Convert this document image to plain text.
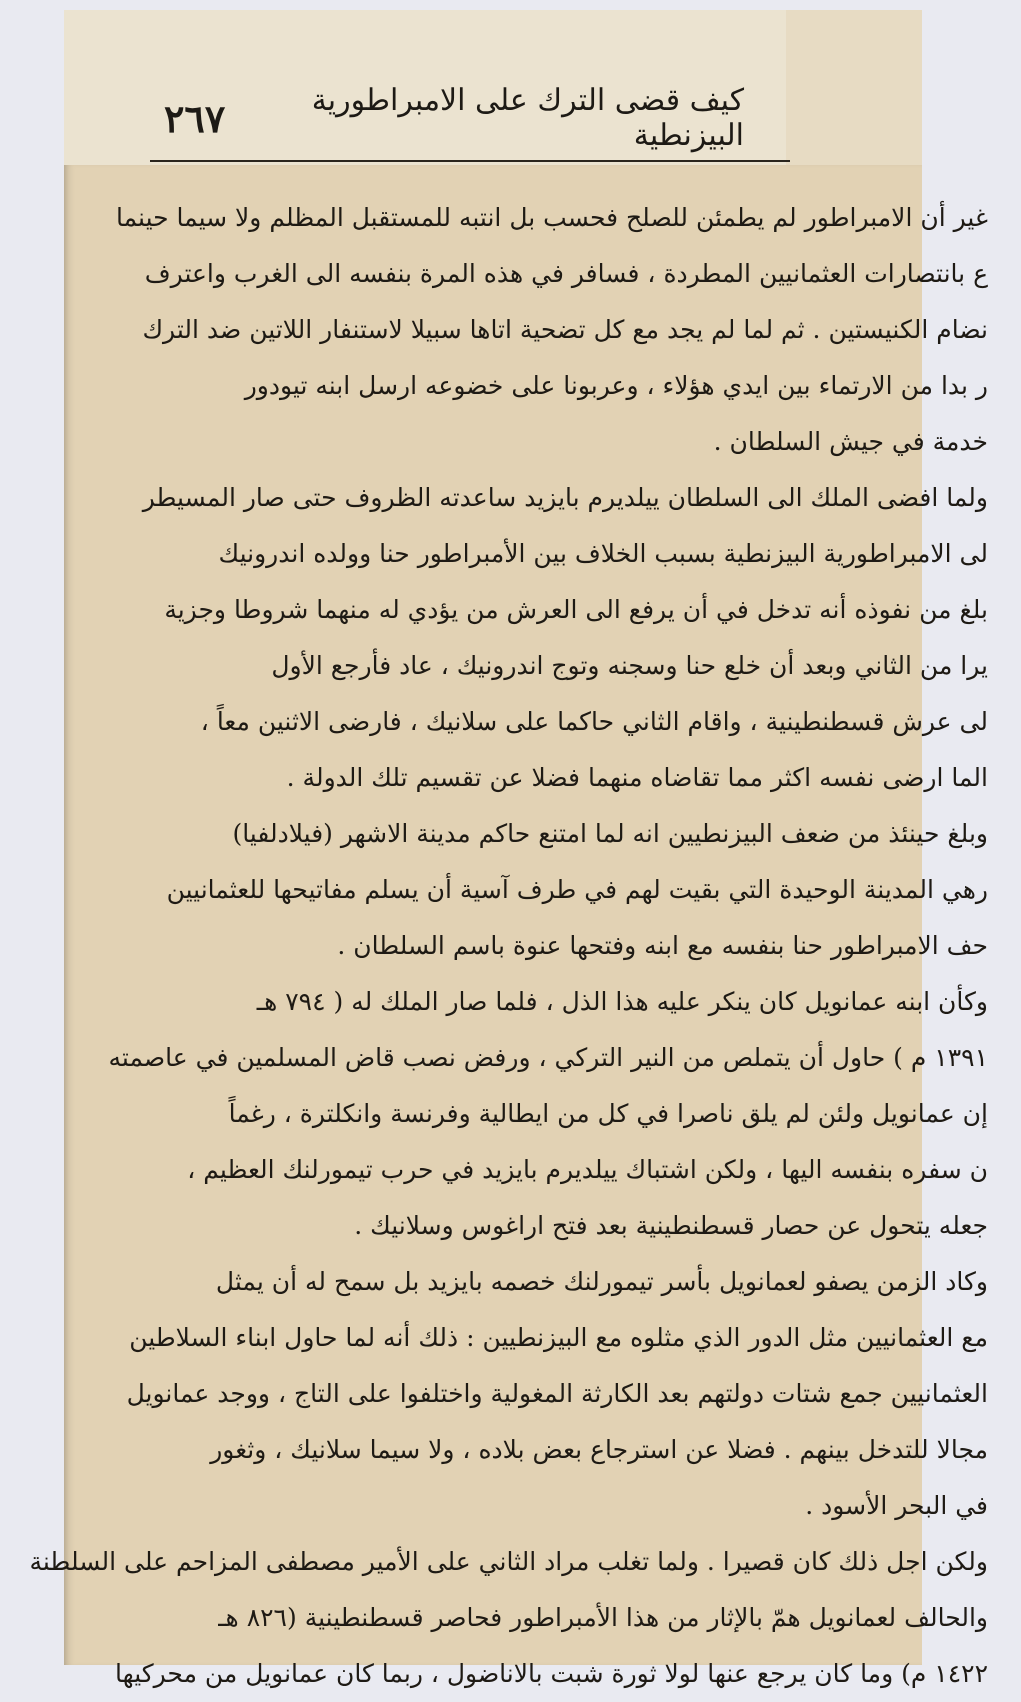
كيف قضى الترك على الامبراطورية البيزنطية
٢٦٧
غير أن الامبراطور لم يطمئن للصلح فحسب بل انتبه للمستقبل المظلم ولا سيما حينما
ع بانتصارات العثمانيين المطردة ، فسافر في هذه المرة بنفسه الى الغرب واعترف
نضام الكنيستين . ثم لما لم يجد مع كل تضحية اتاها سبيلا لاستنفار اللاتين ضد الترك
ر بدا من الارتماء بين ايدي هؤلاء ، وعربونا على خضوعه ارسل ابنه تيودور
خدمة في جيش السلطان .
ولما افضى الملك الى السلطان ييلديرم بايزيد ساعدته الظروف حتى صار المسيطر
لى الامبراطورية البيزنطية بسبب الخلاف بين الأمبراطور حنا وولده اندرونيك
بلغ من نفوذه أنه تدخل في أن يرفع الى العرش من يؤدي له منهما شروطا وجزية
يرا من الثاني وبعد أن خلع حنا وسجنه وتوج اندرونيك ، عاد فأرجع الأول
لى عرش قسطنطينية ، واقام الثاني حاكما على سلانيك ، فارضى الاثنين معاً ،
الما ارضى نفسه اكثر مما تقاضاه منهما فضلا عن تقسيم تلك الدولة .
وبلغ حينئذ من ضعف البيزنطيين انه لما امتنع حاكم مدينة الاشهر (فيلادلفيا)
رهي المدينة الوحيدة التي بقيت لهم في طرف آسية أن يسلم مفاتيحها للعثمانيين
حف الامبراطور حنا بنفسه مع ابنه وفتحها عنوة باسم السلطان .
وكأن ابنه عمانويل كان ينكر عليه هذا الذل ، فلما صار الملك له ( ٧٩٤ هـ
١٣٩١ م ) حاول أن يتملص من النير التركي ، ورفض نصب قاض المسلمين في عاصمته
إن عمانويل ولئن لم يلق ناصرا في كل من ايطالية وفرنسة وانكلترة ، رغماً
ن سفره بنفسه اليها ، ولكن اشتباك ييلديرم بايزيد في حرب تيمورلنك العظيم ،
جعله يتحول عن حصار قسطنطينية بعد فتح اراغوس وسلانيك .
وكاد الزمن يصفو لعمانويل بأسر تيمورلنك خصمه بايزيد بل سمح له أن يمثل
مع العثمانيين مثل الدور الذي مثلوه مع البيزنطيين : ذلك أنه لما حاول ابناء السلاطين
العثمانيين جمع شتات دولتهم بعد الكارثة المغولية واختلفوا على التاج ، ووجد عمانويل
مجالا للتدخل بينهم . فضلا عن استرجاع بعض بلاده ، ولا سيما سلانيك ، وثغور
في البحر الأسود .
ولكن اجل ذلك كان قصيرا . ولما تغلب مراد الثاني على الأمير مصطفى المزاحم على السلطنة
والحالف لعمانويل همّ بالإثار من هذا الأمبراطور فحاصر قسطنطينية (٨٢٦ هـ
١٤٢٢ م) وما كان يرجع عنها لولا ثورة شبت بالاناضول ، ربما كان عمانويل من محركيها
